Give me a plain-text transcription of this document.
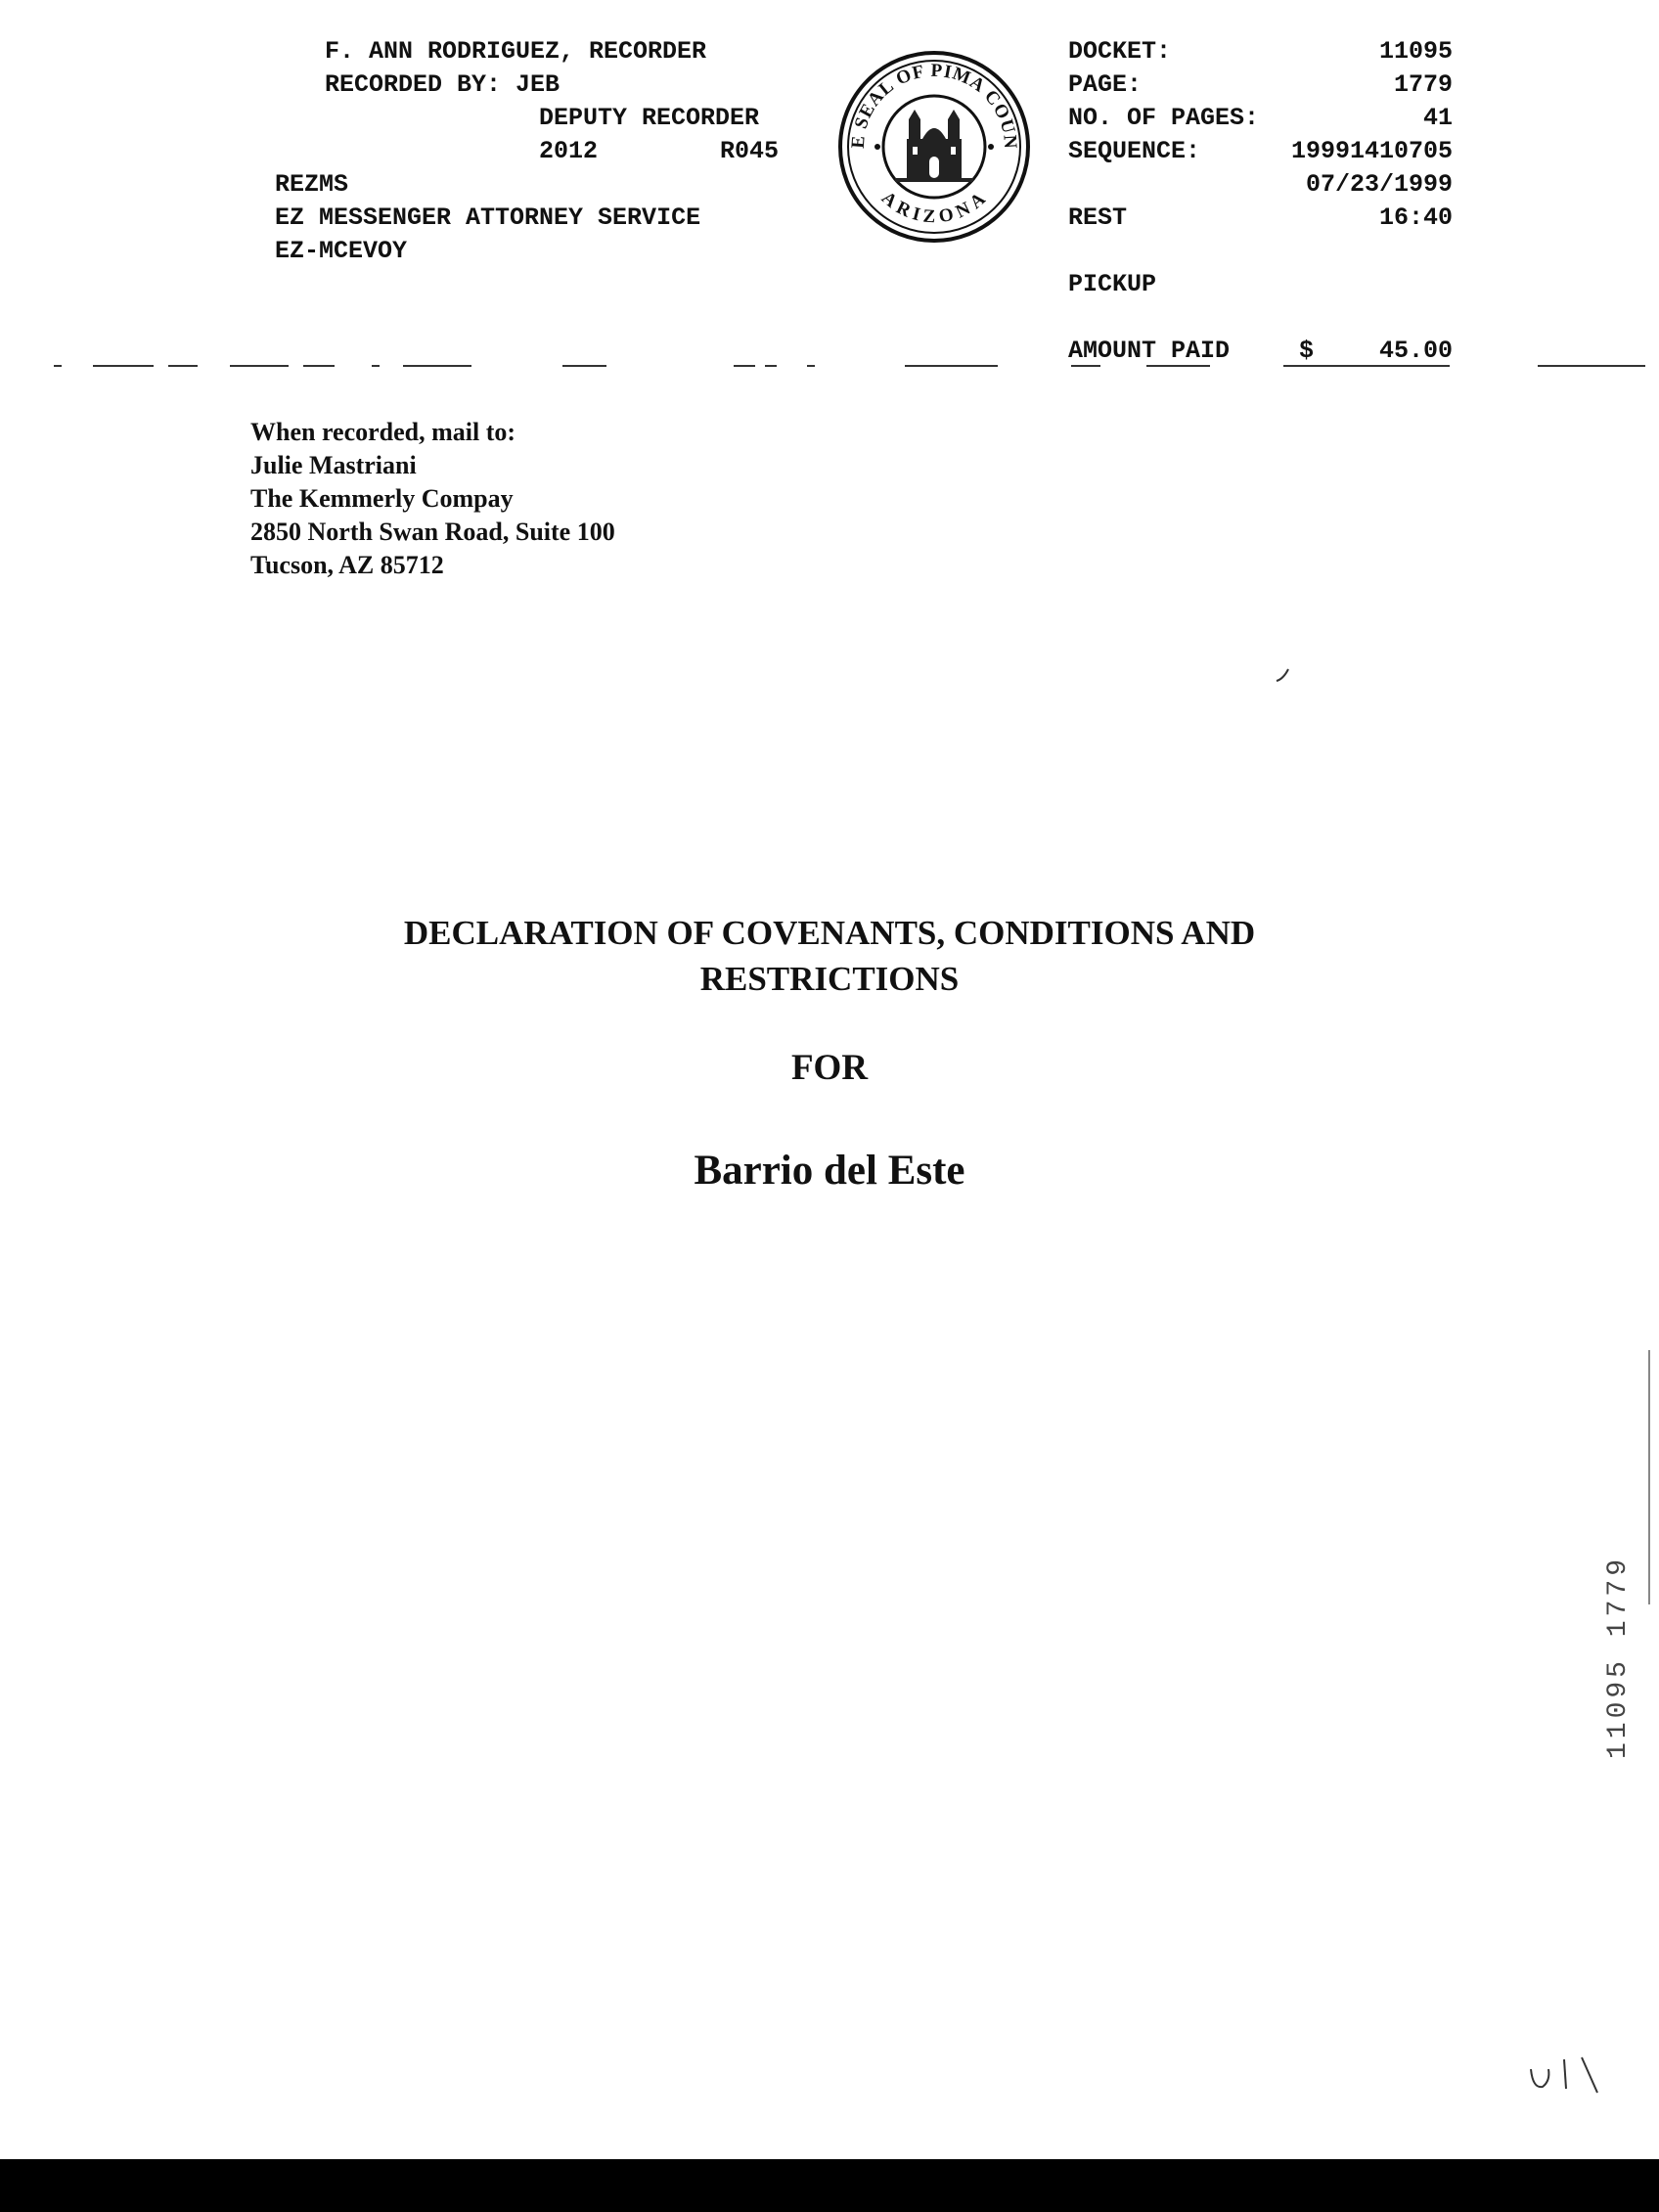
F. ANN RODRIGUEZ, RECORDER
RECORDED BY: JEB
DEPUTY RECORDER
2012	R045
REZMS
EZ MESSENGER ATTORNEY SERVICE
EZ-MCEVOY
E SEAL OF PIMA COUN
ARIZONA
DOCKET:	11095
PAGE:	1779
NO. OF PAGES:	41
SEQUENCE:	19991410705
07/23/1999
REST	16:40
PICKUP
AMOUNT PAID	$	45.00
When recorded, mail to:
Julie Mastriani
The Kemmerly Compay
2850 North Swan Road, Suite 100
Tucson, AZ 85712
DECLARATION OF COVENANTS, CONDITIONS AND
RESTRICTIONS
FOR
Barrio del Este
11095 1779
